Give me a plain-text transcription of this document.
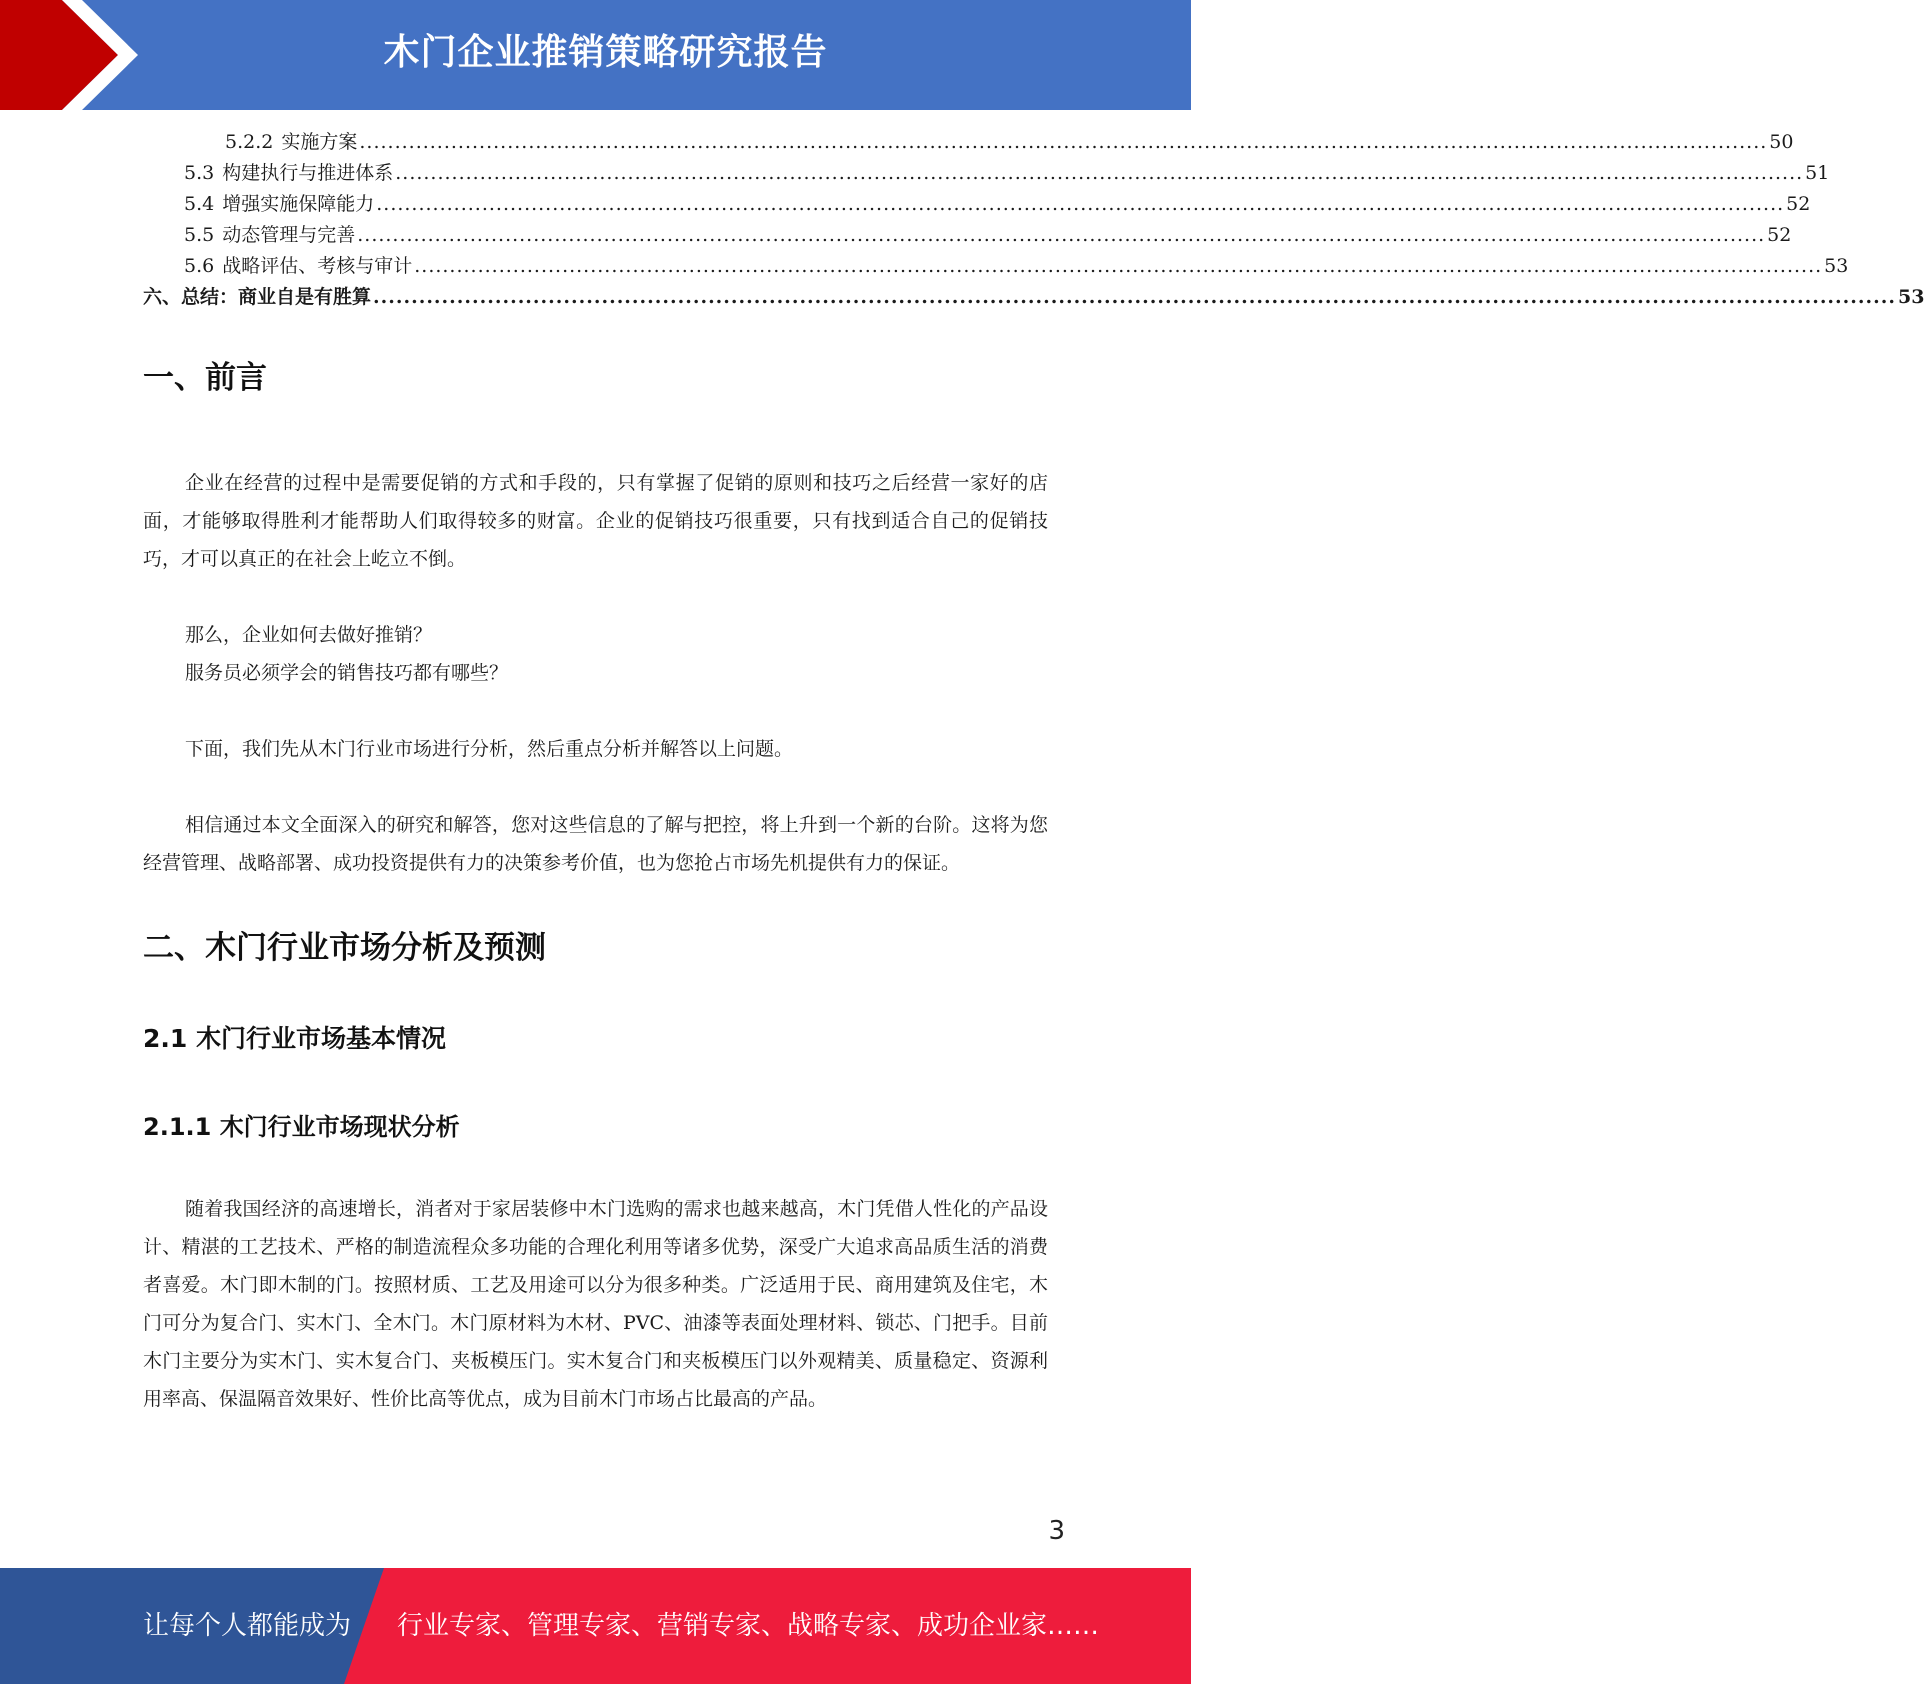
木门企业推销策略研究报告
5.2.2 实施方案 ........................................................................................................................................................................................................ 50
5.3 构建执行与推进体系 ........................................................................................................................................................................................................ 51
5.4 增强实施保障能力 ........................................................................................................................................................................................................ 52
5.5 动态管理与完善 ........................................................................................................................................................................................................ 52
5.6 战略评估、考核与审计 ........................................................................................................................................................................................................ 53
六、总结：商业自是有胜算 ........................................................................................................................................................................................................ 53
一、前言

企业在经营的过程中是需要促销的方式和手段的，只有掌握了促销的原则和技巧之后经营一家好的店面，才能够取得胜利才能帮助人们取得较多的财富。企业的促销技巧很重要，只有找到适合自己的促销技巧，才可以真正的在社会上屹立不倒。

那么，企业如何去做好推销？

服务员必须学会的销售技巧都有哪些？

下面，我们先从木门行业市场进行分析，然后重点分析并解答以上问题。

相信通过本文全面深入的研究和解答，您对这些信息的了解与把控，将上升到一个新的台阶。这将为您经营管理、战略部署、成功投资提供有力的决策参考价值，也为您抢占市场先机提供有力的保证。

二、木门行业市场分析及预测
2.1 木门行业市场基本情况
2.1.1 木门行业市场现状分析

随着我国经济的高速增长，消者对于家居装修中木门选购的需求也越来越高，木门凭借人性化的产品设计、精湛的工艺技术、严格的制造流程众多功能的合理化利用等诸多优势，深受广大追求高品质生活的消费者喜爱。木门即木制的门。按照材质、工艺及用途可以分为很多种类。广泛适用于民、商用建筑及住宅，木门可分为复合门、实木门、全木门。木门原材料为木材、PVC、油漆等表面处理材料、锁芯、门把手。目前木门主要分为实木门、实木复合门、夹板模压门。实木复合门和夹板模压门以外观精美、质量稳定、资源利用率高、保温隔音效果好、性价比高等优点，成为目前木门市场占比最高的产品。

3
让每个人都能成为 行业专家、管理专家、营销专家、战略专家、成功企业家……
